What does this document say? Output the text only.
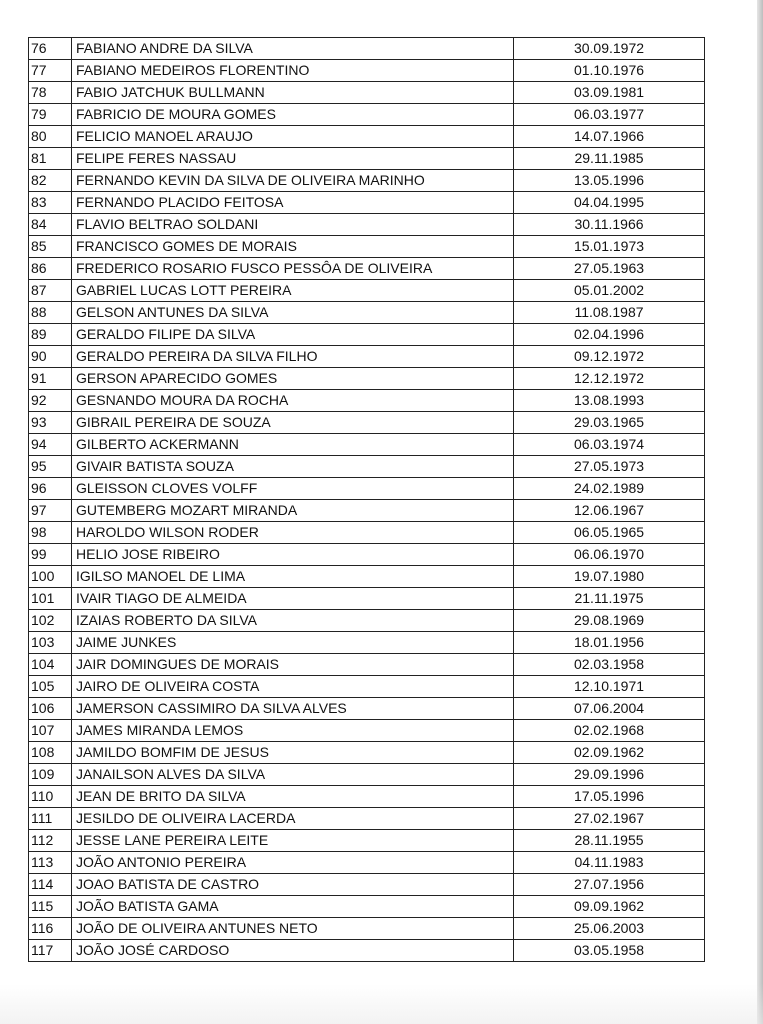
76	FABIANO ANDRE DA SILVA	30.09.1972
77	FABIANO MEDEIROS FLORENTINO	01.10.1976
78	FABIO JATCHUK BULLMANN	03.09.1981
79	FABRICIO DE MOURA GOMES	06.03.1977
80	FELICIO MANOEL ARAUJO	14.07.1966
81	FELIPE FERES NASSAU	29.11.1985
82	FERNANDO KEVIN DA SILVA DE OLIVEIRA MARINHO	13.05.1996
83	FERNANDO PLACIDO FEITOSA	04.04.1995
84	FLAVIO BELTRAO SOLDANI	30.11.1966
85	FRANCISCO GOMES DE MORAIS	15.01.1973
86	FREDERICO ROSARIO FUSCO PESSÔA DE OLIVEIRA	27.05.1963
87	GABRIEL LUCAS LOTT PEREIRA	05.01.2002
88	GELSON ANTUNES DA SILVA	11.08.1987
89	GERALDO FILIPE DA SILVA	02.04.1996
90	GERALDO PEREIRA DA SILVA FILHO	09.12.1972
91	GERSON APARECIDO GOMES	12.12.1972
92	GESNANDO MOURA DA ROCHA	13.08.1993
93	GIBRAIL PEREIRA DE SOUZA	29.03.1965
94	GILBERTO ACKERMANN	06.03.1974
95	GIVAIR BATISTA SOUZA	27.05.1973
96	GLEISSON CLOVES VOLFF	24.02.1989
97	GUTEMBERG MOZART MIRANDA	12.06.1967
98	HAROLDO WILSON RODER	06.05.1965
99	HELIO JOSE RIBEIRO	06.06.1970
100	IGILSO MANOEL DE LIMA	19.07.1980
101	IVAIR TIAGO DE ALMEIDA	21.11.1975
102	IZAIAS ROBERTO DA SILVA	29.08.1969
103	JAIME JUNKES	18.01.1956
104	JAIR DOMINGUES DE MORAIS	02.03.1958
105	JAIRO DE OLIVEIRA COSTA	12.10.1971
106	JAMERSON CASSIMIRO DA SILVA ALVES	07.06.2004
107	JAMES MIRANDA LEMOS	02.02.1968
108	JAMILDO BOMFIM DE JESUS	02.09.1962
109	JANAILSON ALVES DA SILVA	29.09.1996
110	JEAN DE BRITO DA SILVA	17.05.1996
111	JESILDO DE OLIVEIRA LACERDA	27.02.1967
112	JESSE LANE PEREIRA LEITE	28.11.1955
113	JOÃO ANTONIO PEREIRA	04.11.1983
114	JOAO BATISTA DE CASTRO	27.07.1956
115	JOÃO BATISTA GAMA	09.09.1962
116	JOÃO DE OLIVEIRA ANTUNES NETO	25.06.2003
117	JOÃO JOSÉ CARDOSO	03.05.1958
